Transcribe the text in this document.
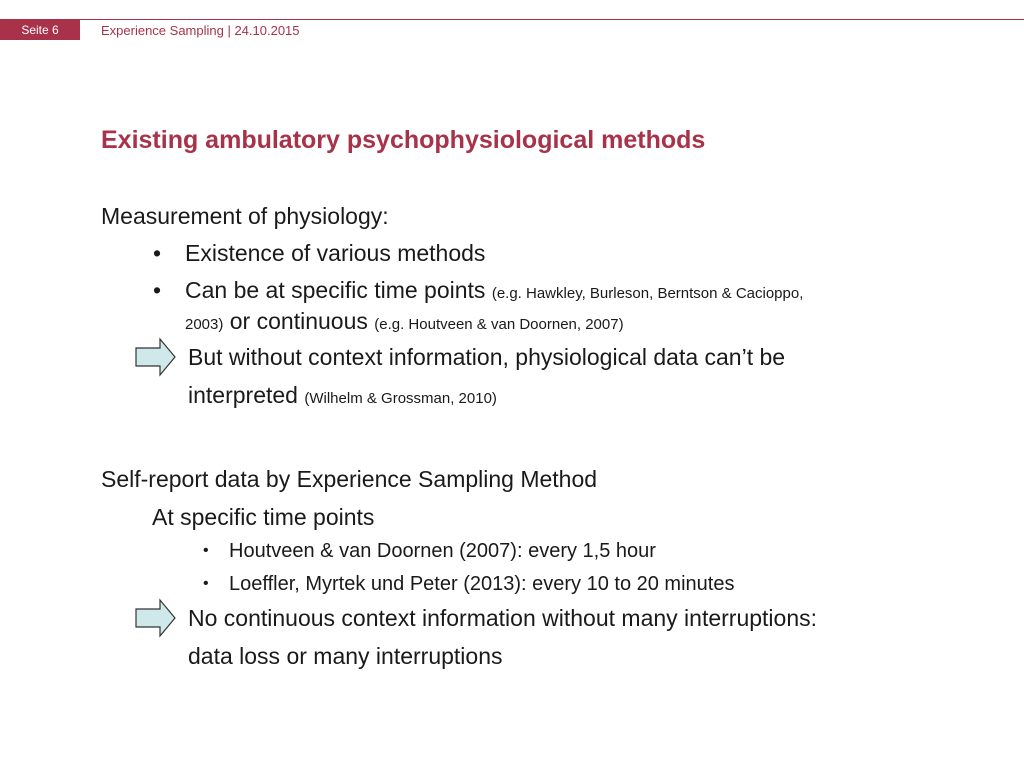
Seite 6	Experience Sampling | 24.10.2015
Existing ambulatory psychophysiological methods
Measurement of physiology:
• Existence of various methods
• Can be at specific time points (e.g. Hawkley, Burleson, Berntson & Cacioppo,
2003) or continuous (e.g. Houtveen & van Doornen, 2007)
But without context information, physiological data can’t be
interpreted (Wilhelm & Grossman, 2010)
Self-report data by Experience Sampling Method
At specific time points
• Houtveen & van Doornen (2007): every 1,5 hour
• Loeffler, Myrtek und Peter (2013): every 10 to 20 minutes
No continuous context information without many interruptions:
data loss or many interruptions
